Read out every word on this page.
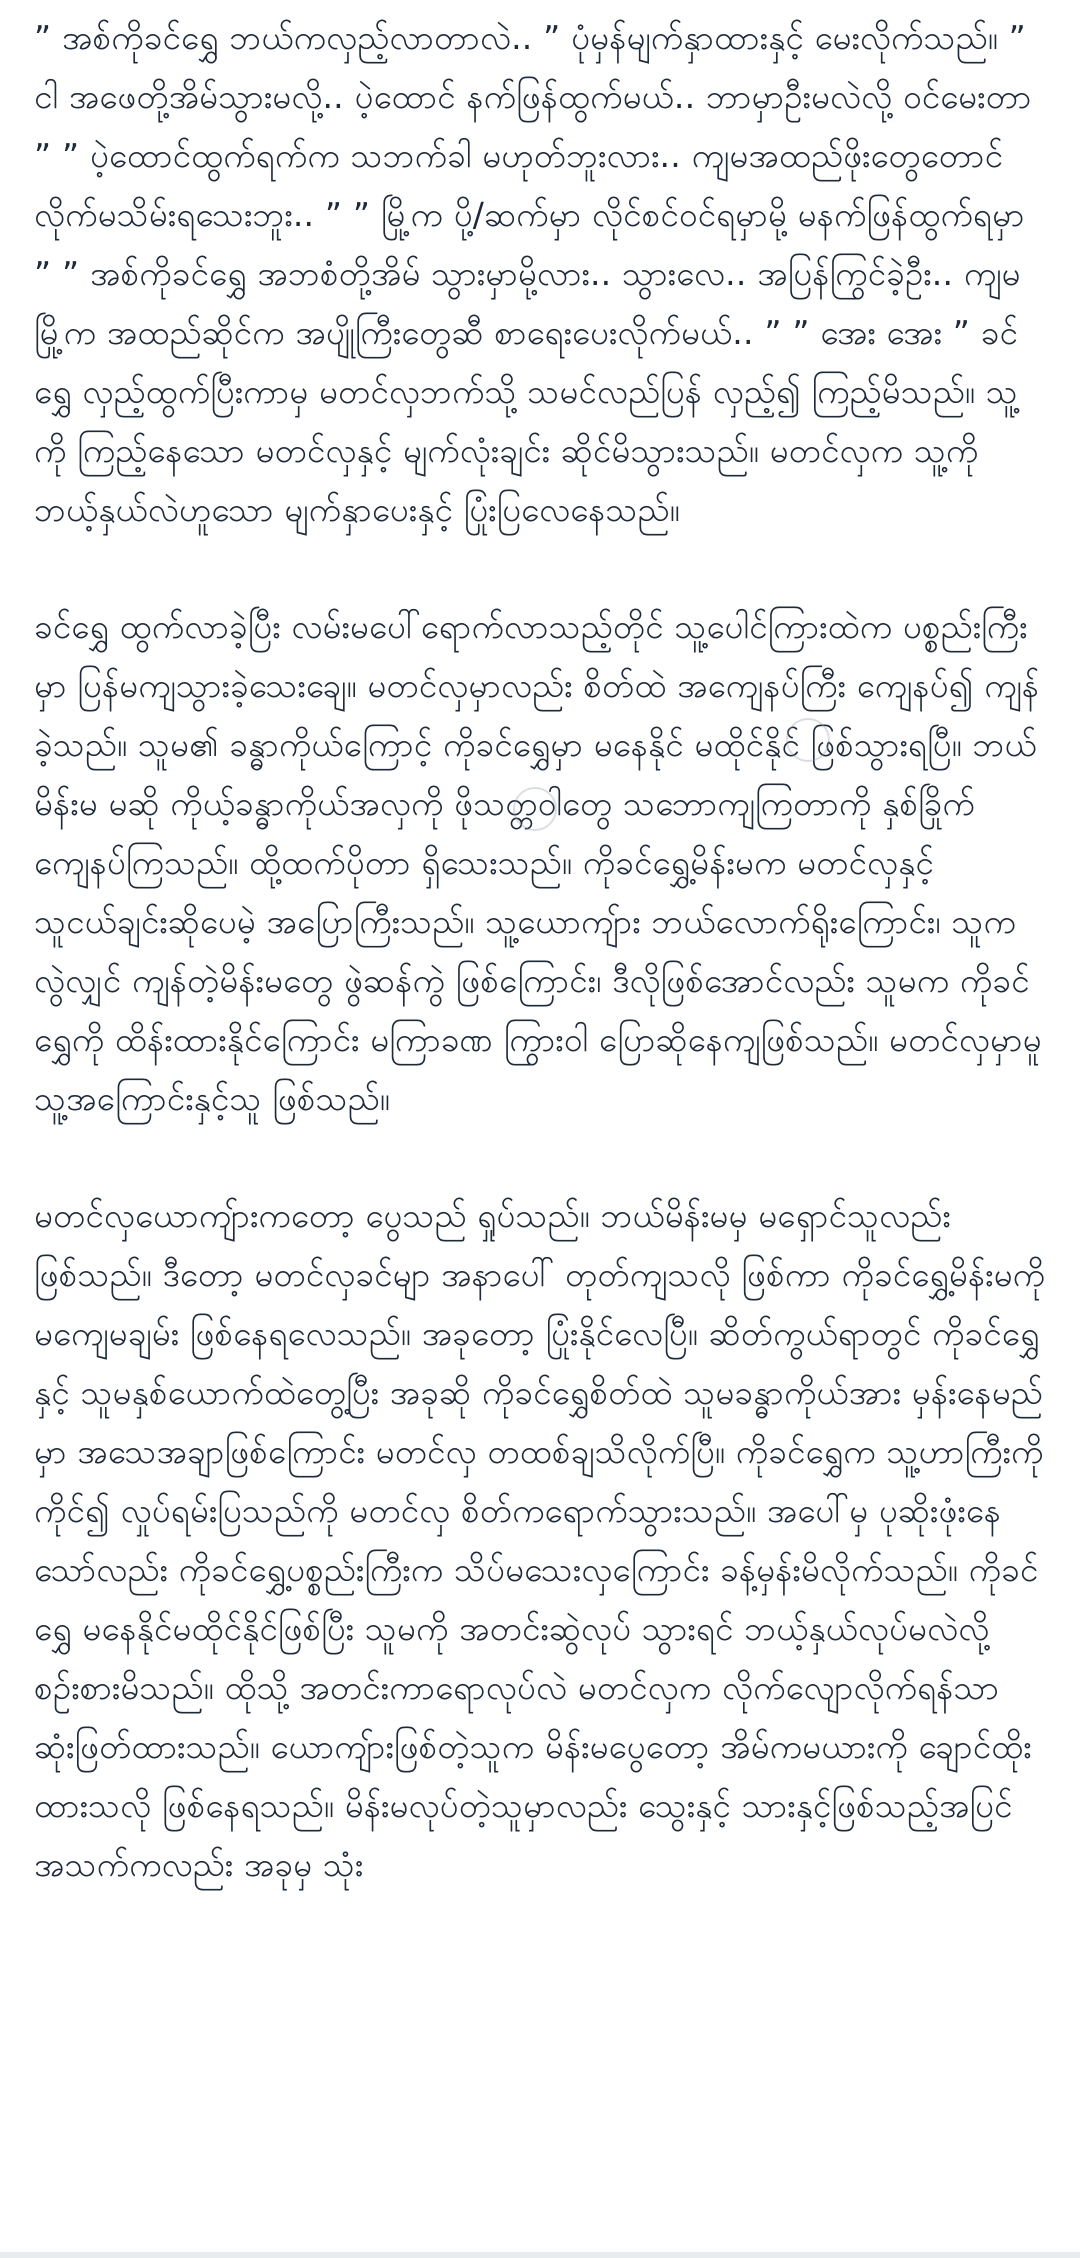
” အစ်ကိုခင်ရွှေ ဘယ်ကလှည့်လာတာလဲ.. ” ပုံမှန်မျက်နှာထားနှင့် မေးလိုက်သည်။ ” ငါ အဖေတို့အိမ်သွားမလို့.. ပဲ့ထောင် နက်ဖြန်ထွက်မယ်.. ဘာမှာဦးမလဲလို့ ဝင်မေးတာ ” ” ပဲ့ထောင်ထွက်ရက်က သဘက်ခါ မဟုတ်ဘူးလား.. ကျမအထည်ဖိုးတွေတောင် လိုက်မသိမ်းရသေးဘူး.. ” ” မြို့က ပို့/ဆက်မှာ လိုင်စင်ဝင်ရမှာမို့ မနက်ဖြန်ထွက်ရမှာ ” ” အစ်ကိုခင်ရွှေ အဘစံတို့အိမ် သွားမှာမို့လား.. သွားလေ.. အပြန်ကြွင်ခဲ့ဦး.. ကျမ မြို့က အထည်ဆိုင်က အပျိုကြီးတွေဆီ စာရေးပေးလိုက်မယ်.. ” ” အေး အေး ” ခင်ရွှေ လှည့်ထွက်ပြီးကာမှ မတင်လှဘက်သို့ သမင်လည်ပြန် လှည့်၍ ကြည့်မိသည်။ သူ့ကို ကြည့်နေသော မတင်လှနှင့် မျက်လုံးချင်း ဆိုင်မိသွားသည်။ မတင်လှက သူ့ကို ဘယ့်နှယ်လဲဟူသော မျက်နှာပေးနှင့် ပြုံးပြလေနေသည်။

ခင်ရွှေ ထွက်လာခဲ့ပြီး လမ်းမပေါ်ရောက်လာသည့်တိုင် သူ့ပေါင်ကြားထဲက ပစ္စည်းကြီးမှာ ပြန်မကျသွားခဲ့သေးချေ။ မတင်လှမှာလည်း စိတ်ထဲ အကျေနပ်ကြီး ကျေနပ်၍ ကျန်ခဲ့သည်။ သူမ၏ ခန္ဓာကိုယ်ကြောင့် ကိုခင်ရွှေမှာ မနေနိုင် မထိုင်နိုင် ဖြစ်သွားရပြီ။ ဘယ်မိန်းမ မဆို ကိုယ့်ခန္ဓာကိုယ်အလှကို ဖိုသတ္တဝါတွေ သဘောကျကြတာကို နှစ်ခြိုက်ကျေနပ်ကြသည်။ ထို့ထက်ပိုတာ ရှိသေးသည်။ ကိုခင်ရွှေ့မိန်းမက မတင်လှနှင့် သူငယ်ချင်းဆိုပေမဲ့ အပြောကြီးသည်။ သူ့ယောကျ်ား ဘယ်လောက်ရိုးကြောင်း၊ သူကလွဲလျှင် ကျန်တဲ့မိန်းမတွေ ဖွဲဆန်ကွဲ ဖြစ်ကြောင်း၊ ဒီလိုဖြစ်အောင်လည်း သူမက ကိုခင်ရွှေကို ထိန်းထားနိုင်ကြောင်း မကြာခဏ ကြွားဝါ ပြောဆိုနေကျဖြစ်သည်။ မတင်လှမှာမူ သူ့အကြောင်းနှင့်သူ ဖြစ်သည်။

မတင်လှယောကျ်ားကတော့ ပွေသည် ရှုပ်သည်။ ဘယ်မိန်းမမှ မရှောင်သူလည်း ဖြစ်သည်။ ဒီတော့ မတင်လှခင်မျာ အနာပေါ် တုတ်ကျသလို ဖြစ်ကာ ကိုခင်ရွှေ့မိန်းမကို မကျေမချမ်း ဖြစ်နေရလေသည်။ အခုတော့ ပြုံးနိုင်လေပြီ။ ဆိတ်ကွယ်ရာတွင် ကိုခင်ရွှေနှင့် သူမနှစ်ယောက်ထဲတွေ့ပြီး အခုဆို ကိုခင်ရွှေစိတ်ထဲ သူမခန္ဓာကိုယ်အား မှန်းနေမည်မှာ အသေအချာဖြစ်ကြောင်း မတင်လှ တထစ်ချသိလိုက်ပြီ။ ကိုခင်ရွှေက သူ့ဟာကြီးကို ကိုင်၍ လှုပ်ရမ်းပြသည်ကို မတင်လှ စိတ်ကရောက်သွားသည်။ အပေါ်မှ ပုဆိုးဖုံးနေသော်လည်း ကိုခင်ရွှေ့ပစ္စည်းကြီးက သိပ်မသေးလှကြောင်း ခန့်မှန်းမိလိုက်သည်။ ကိုခင်ရွှေ မနေနိုင်မထိုင်နိုင်ဖြစ်ပြီး သူမကို အတင်းဆွဲလုပ် သွားရင် ဘယ့်နှယ်လုပ်မလဲလို့ စဉ်းစားမိသည်။ ထိုသို့ အတင်းကာရောလုပ်လဲ မတင်လှက လိုက်လျောလိုက်ရန်သာ ဆုံးဖြတ်ထားသည်။ ယောကျ်ားဖြစ်တဲ့သူက မိန်းမပွေတော့ အိမ်ကမယားကို ချောင်ထိုးထားသလို ဖြစ်နေရသည်။ မိန်းမလုပ်တဲ့သူမှာလည်း သွေးနှင့် သားနှင့်ဖြစ်သည့်အပြင် အသက်ကလည်း အခုမှ သုံး
